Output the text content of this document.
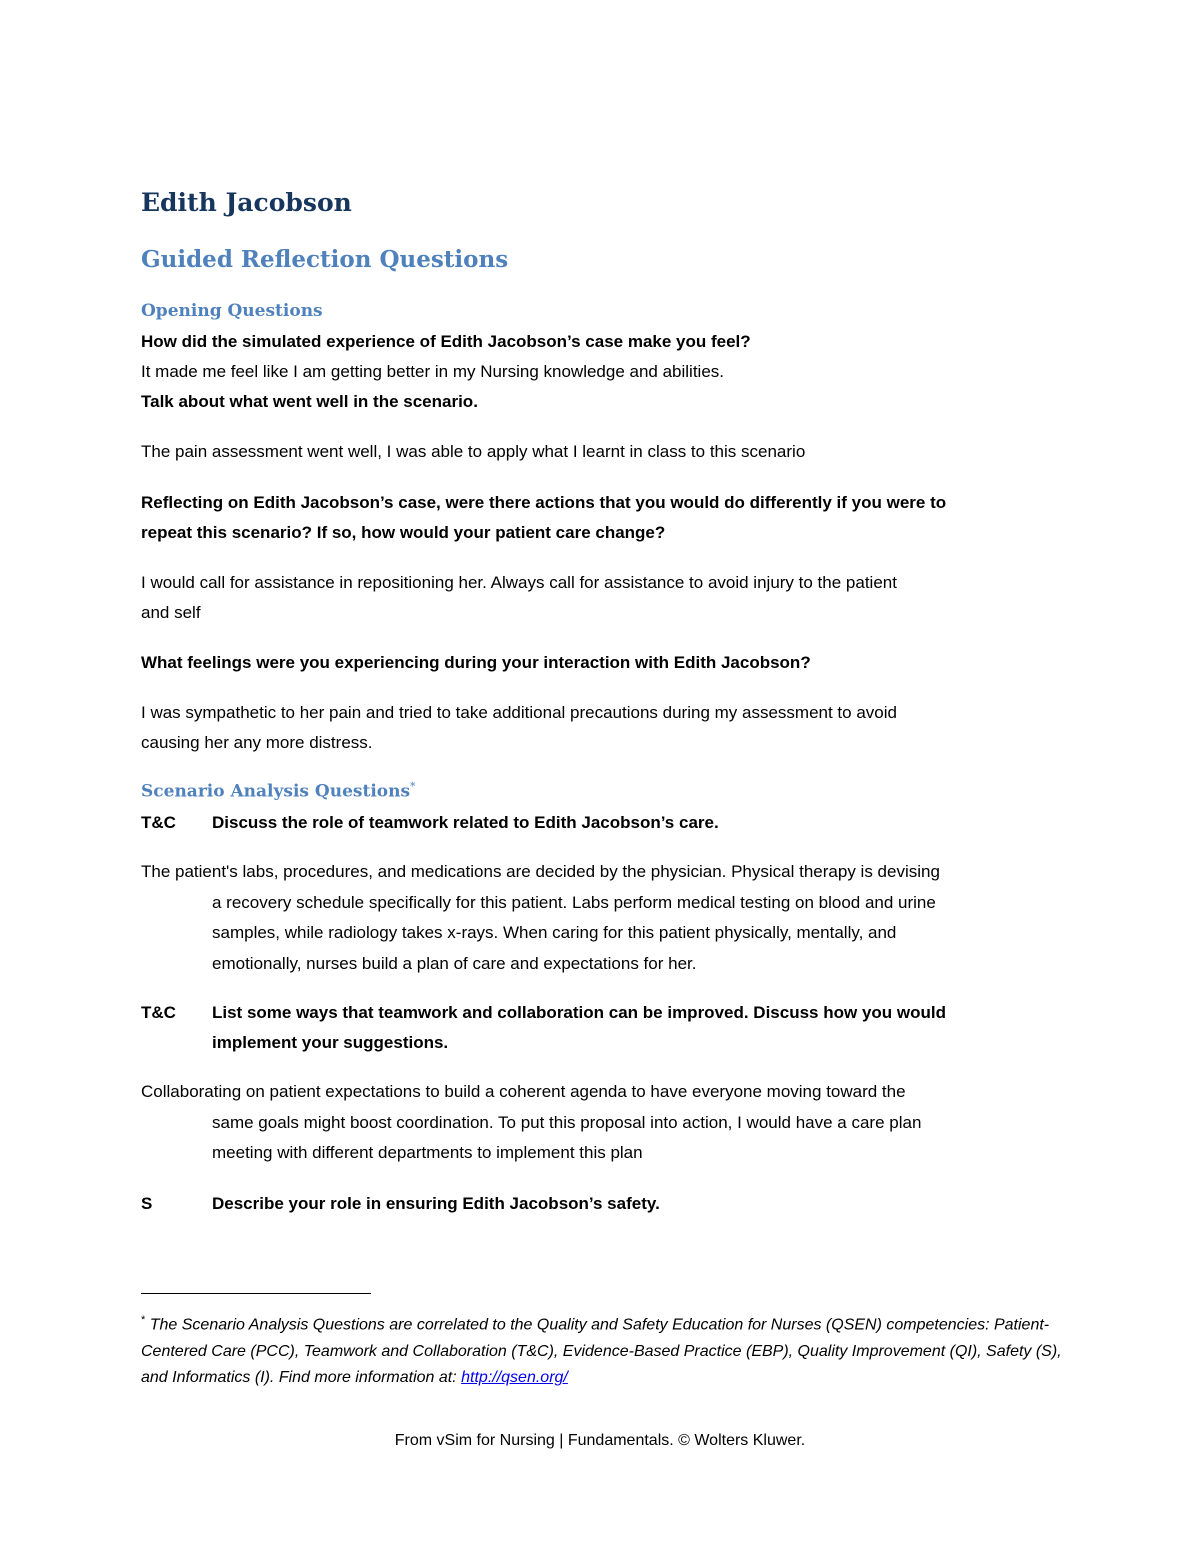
Edith Jacobson
Guided Reflection Questions
Opening Questions

How did the simulated experience of Edith Jacobson’s case make you feel?

It made me feel like I am getting better in my Nursing knowledge and abilities.

Talk about what went well in the scenario.

The pain assessment went well, I was able to apply what I learnt in class to this scenario

Reflecting on Edith Jacobson’s case, were there actions that you would do differently if you were to

repeat this scenario? If so, how would your patient care change?

I would call for assistance in repositioning her. Always call for assistance to avoid injury to the patient

and self

What feelings were you experiencing during your interaction with Edith Jacobson?

I was sympathetic to her pain and tried to take additional precautions during my assessment to avoid

causing her any more distress.

Scenario Analysis Questions*
T&C Discuss the role of teamwork related to Edith Jacobson’s care.

The patient's labs, procedures, and medications are decided by the physician. Physical therapy is devising
a recovery schedule specifically for this patient. Labs perform medical testing on blood and urine
samples, while radiology takes x-rays. When caring for this patient physically, mentally, and
emotionally, nurses build a plan of care and expectations for her.

T&C List some ways that teamwork and collaboration can be improved. Discuss how you would
implement your suggestions.

Collaborating on patient expectations to build a coherent agenda to have everyone moving toward the
same goals might boost coordination. To put this proposal into action, I would have a care plan
meeting with different departments to implement this plan

S	Describe your role in ensuring Edith Jacobson’s safety.

* The Scenario Analysis Questions are correlated to the Quality and Safety Education for Nurses (QSEN) competencies: Patient-Centered Care (PCC), Teamwork and Collaboration (T&C), Evidence-Based Practice (EBP), Quality Improvement (QI), Safety (S), and Informatics (I). Find more information at: http://qsen.org/

From vSim for Nursing | Fundamentals. © Wolters Kluwer.
